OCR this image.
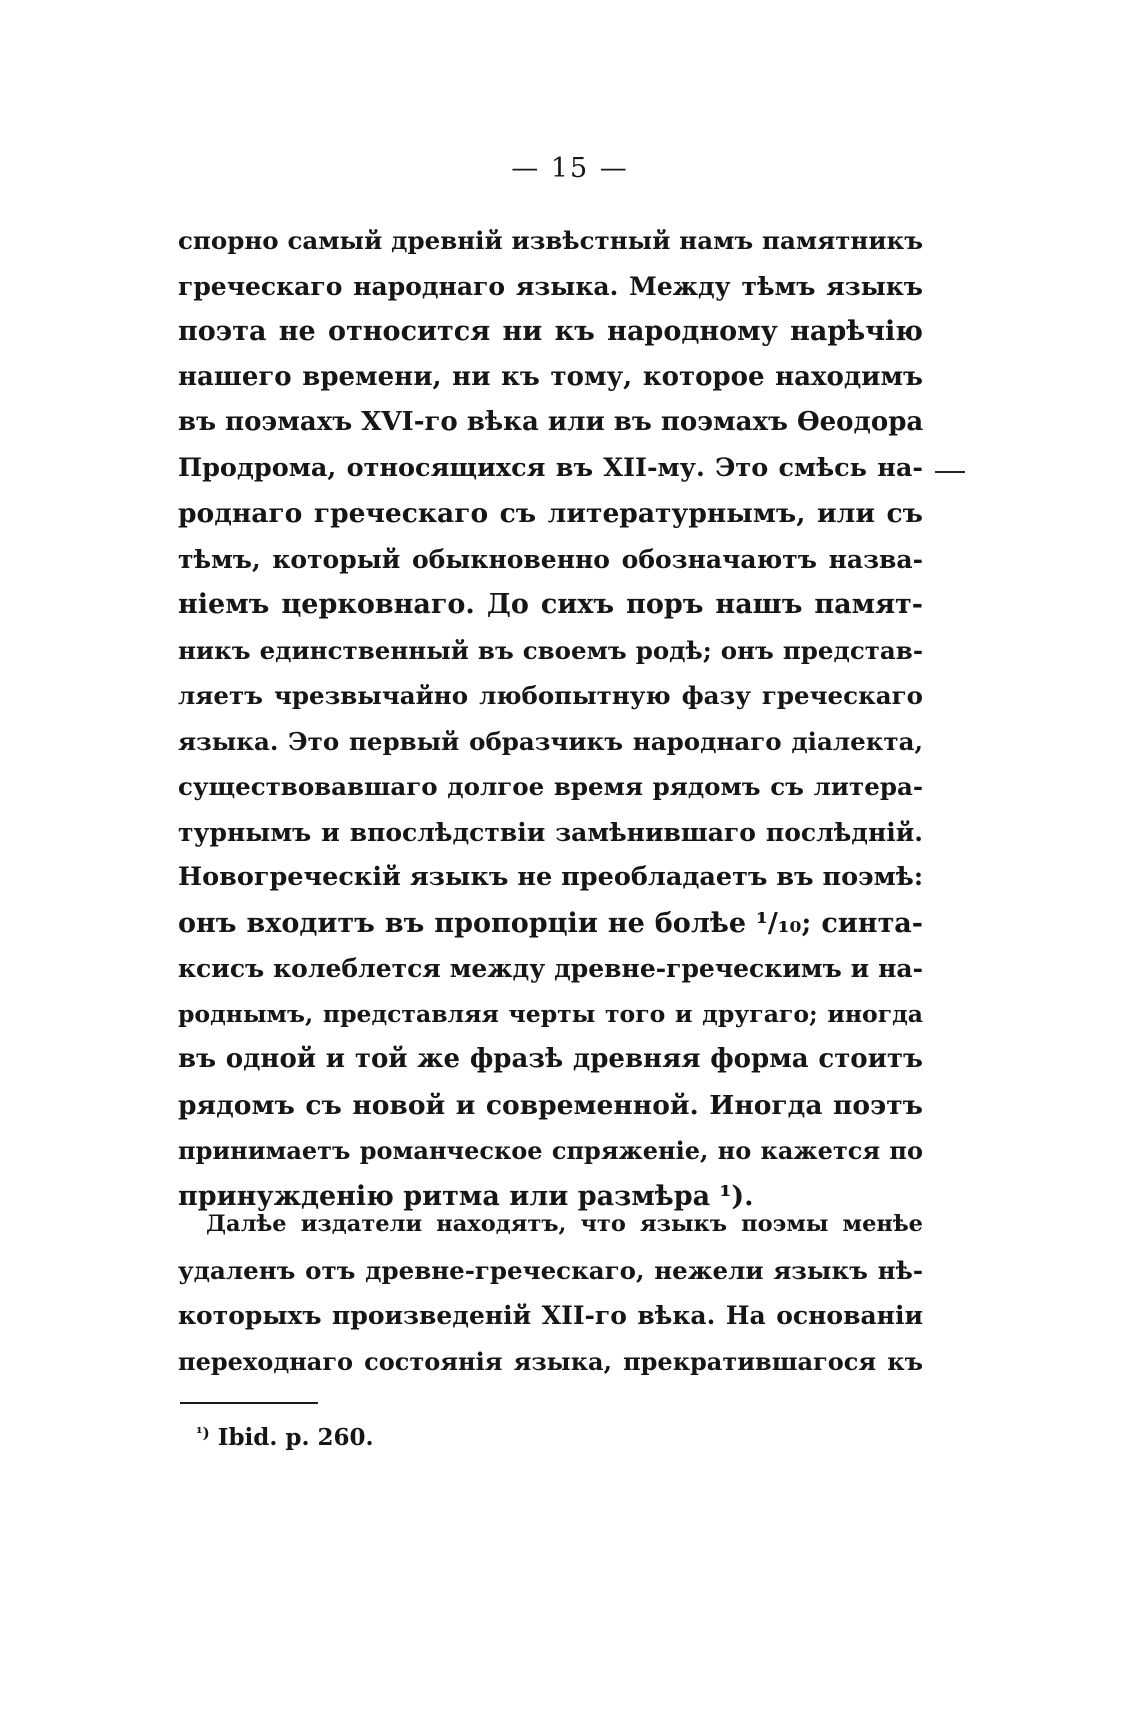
— 15 —
спорно самый древній извѣстный намъ памятникъ
греческаго народнаго языка. Между тѣмъ языкъ
поэта не относится ни къ народному нарѣчію
нашего времени, ни къ тому, которое находимъ
въ поэмахъ XVI-го вѣка или въ поэмахъ Өеодора
Продрома, относящихся въ XII-му. Это смѣсь на-
роднаго греческаго съ литературнымъ, или съ
тѣмъ, который обыкновенно обозначаютъ назва-
ніемъ церковнаго. До сихъ поръ нашъ памят-
никъ единственный въ своемъ родѣ; онъ представ-
ляетъ чрезвычайно любопытную фазу греческаго
языка. Это первый образчикъ народнаго діалекта,
существовавшаго долгое время рядомъ съ литера-
турнымъ и впослѣдствіи замѣнившаго послѣдній.
Новогреческій языкъ не преобладаетъ въ поэмѣ:
онъ входитъ въ пропорціи не болѣе ¹/₁₀; синта-
ксисъ колеблется между древне-греческимъ и на-
роднымъ, представляя черты того и другаго; иногда
въ одной и той же фразѣ древняя форма стоитъ
рядомъ съ новой и современной. Иногда поэтъ
принимаетъ романческое спряженіе, но кажется по
принужденію ритма или размѣра ¹).
Далѣе издатели находятъ, что языкъ поэмы менѣе
удаленъ отъ древне-греческаго, нежели языкъ нѣ-
которыхъ произведеній XII-го вѣка. На основаніи
переходнаго состоянія языка, прекратившагося къ
$^{^1)}$ Ibid. p. 260.
